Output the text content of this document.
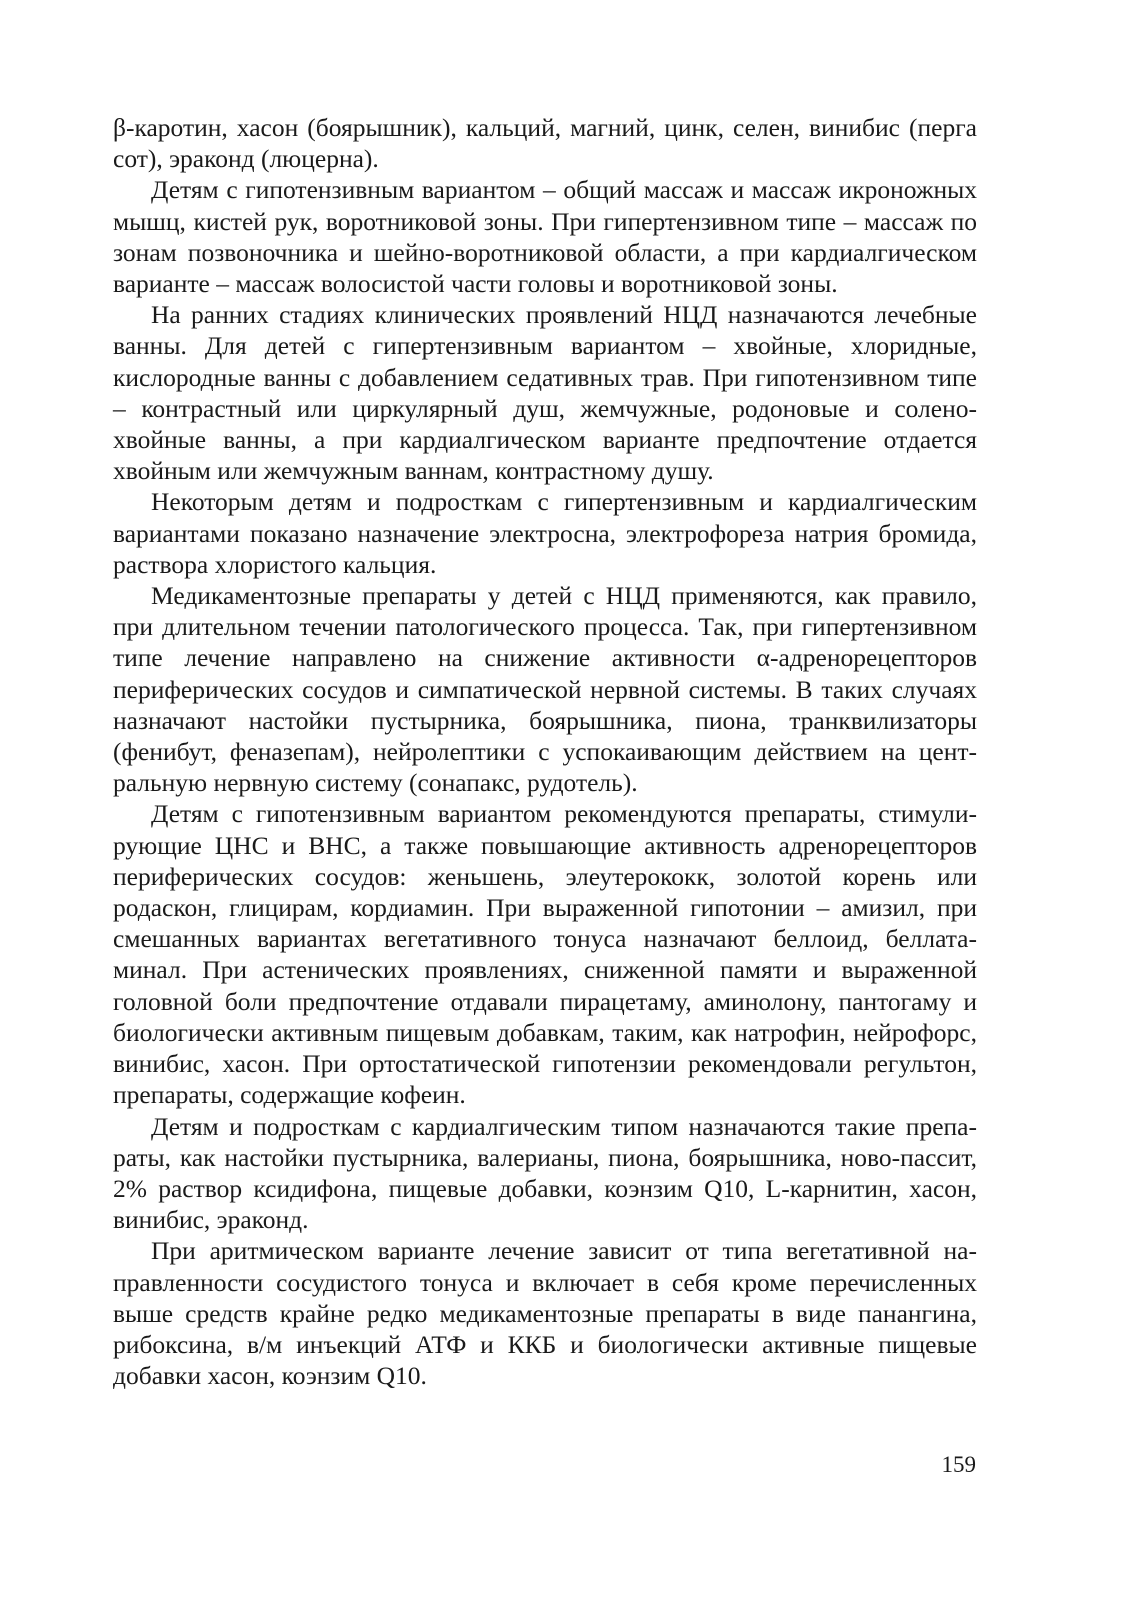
β-каротин, хасон (боярышник), кальций, магний, цинк, селен, винибис (перга сот), эраконд (люцерна).

Детям с гипотензивным вариантом – общий массаж и массаж икроножных мышц, кистей рук, воротниковой зоны. При гипертензивном типе – массаж по зонам позвоночника и шейно-воротниковой области, а при кардиалгическом варианте – массаж волосистой части головы и воротниковой зоны.

На ранних стадиях клинических проявлений НЦД назначаются лечебные ванны. Для детей с гипертензивным вариантом – хвойные, хлоридные, кислородные ванны с добавлением седативных трав. При гипотензивном типе – контрастный или циркулярный душ, жемчужные, родоновые и солено-хвойные ванны, а при кардиалгическом варианте предпочтение отдается хвойным или жемчужным ваннам, контрастному душу.

Некоторым детям и подросткам с гипертензивным и кардиалгическим вариантами показано назначение электросна, электрофореза натрия бромида, раствора хлористого кальция.

Медикаментозные препараты у детей с НЦД применяются, как правило, при длительном течении патологического процесса. Так, при гипертензивном типе лечение направлено на снижение активности α-адренорецепторов периферических сосудов и симпатической нервной системы. В таких случаях назначают настойки пустырника, боярышника, пиона, транквилизаторы (фенибут, феназепам), нейролептики с успокаивающим действием на центральную нервную систему (сонапакс, рудотель).

Детям с гипотензивным вариантом рекомендуются препараты, стимулирующие ЦНС и ВНС, а также повышающие активность адренорецепторов периферических сосудов: женьшень, элеутерококк, золотой корень или родаскон, глицирам, кордиамин. При выраженной гипотонии – амизил, при смешанных вариантах вегетативного тонуса назначают беллоид, беллатаминал. При астенических проявлениях, сниженной памяти и выраженной головной боли предпочтение отдавали пирацетаму, аминолону, пантогаму и биологически активным пищевым добавкам, таким, как натрофин, нейрофорс, винибис, хасон. При ортостатической гипотензии рекомендовали регультон, препараты, содержащие кофеин.

Детям и подросткам с кардиалгическим типом назначаются такие препараты, как настойки пустырника, валерианы, пиона, боярышника, ново-пассит, 2% раствор ксидифона, пищевые добавки, коэнзим Q10, L-карнитин, хасон, винибис, эраконд.

При аритмическом варианте лечение зависит от типа вегетативной направленности сосудистого тонуса и включает в себя кроме перечисленных выше средств крайне редко медикаментозные препараты в виде панангина, рибоксина, в/м инъекций АТФ и ККБ и биологически активные пищевые добавки хасон, коэнзим Q10.

159
